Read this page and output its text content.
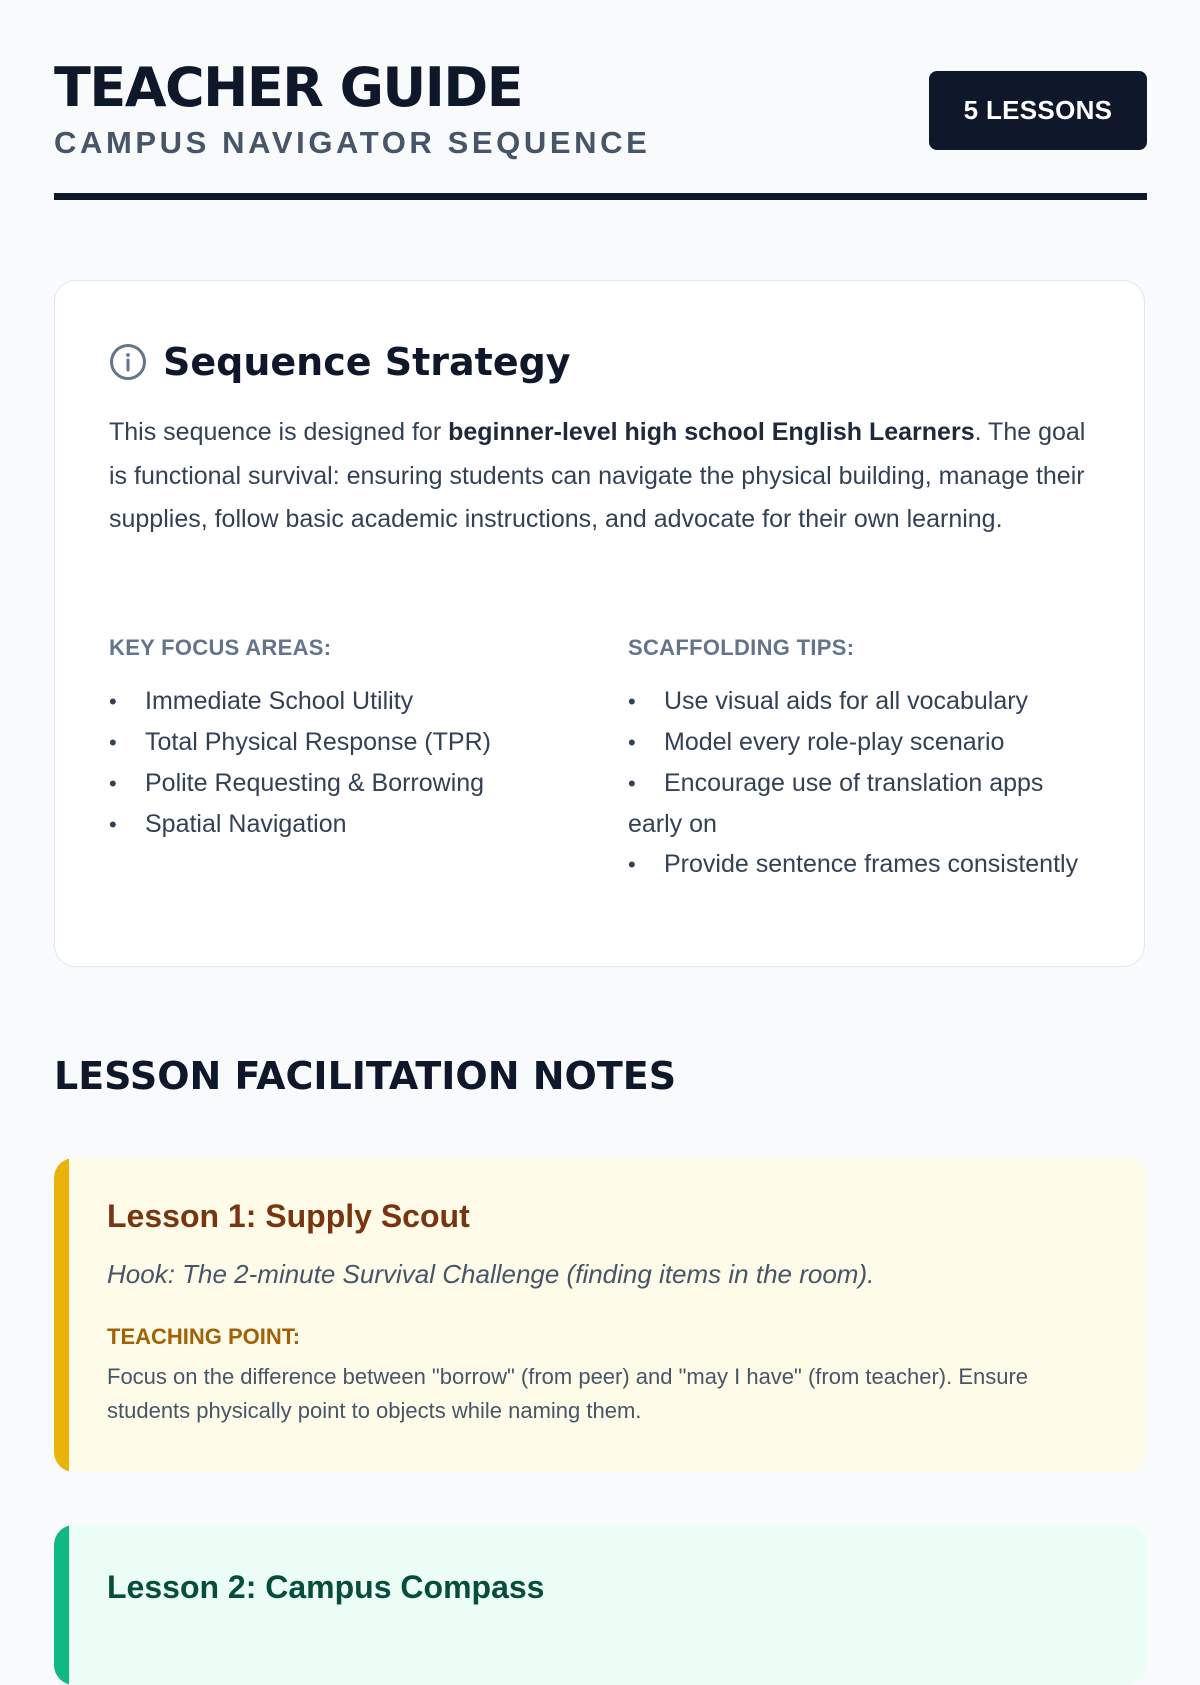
TEACHER GUIDE
CAMPUS NAVIGATOR SEQUENCE
5 LESSONS
Sequence Strategy

This sequence is designed for beginner-level high school English Learners. The goal is functional survival: ensuring students can navigate the physical building, manage their supplies, follow basic academic instructions, and advocate for their own learning.

KEY FOCUS AREAS:

• Immediate School Utility
• Total Physical Response (TPR)
• Polite Requesting & Borrowing
• Spatial Navigation

SCAFFOLDING TIPS:

• Use visual aids for all vocabulary
• Model every role-play scenario
• Encourage use of translation apps early on
• Provide sentence frames consistently
LESSON FACILITATION NOTES
Lesson 1: Supply Scout

Hook: The 2-minute Survival Challenge (finding items in the room).

TEACHING POINT:

Focus on the difference between "borrow" (from peer) and "may I have" (from teacher). Ensure students physically point to objects while naming them.

Lesson 2: Campus Compass
